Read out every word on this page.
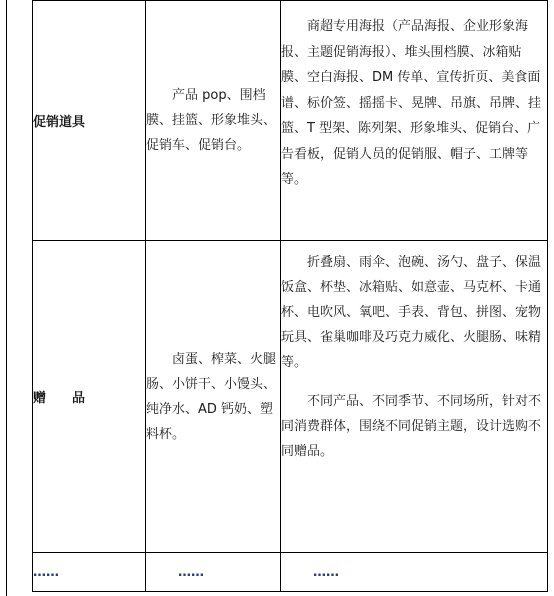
促销道具	产品 pop、围档膜、挂篮、形象堆头、促销车、促销台。	商超专用海报（产品海报、企业形象海报、主题促销海报）、堆头围档膜、冰箱贴膜、空白海报、DM 传单、宣传折页、美食面谱、标价签、摇摇卡、晃牌、吊旗、吊牌、挂篮、T 型架、陈列架、形象堆头、促销台、广告看板，促销人员的促销服、帽子、工牌等等。

赠　　品	卤蛋、榨菜、火腿肠、小饼干、小馒头、纯净水、AD 钙奶、塑料杯。	折叠扇、雨伞、泡碗、汤勺、盘子、保温饭盒、杯垫、冰箱贴、如意壶、马克杯、卡通杯、电吹风、氧吧、手表、背包、拼图、宠物玩具、雀巢咖啡及巧克力威化、火腿肠、味精等。

不同产品、不同季节、不同场所，针对不同消费群体，围绕不同促销主题，设计选购不同赠品。

……	……	……
